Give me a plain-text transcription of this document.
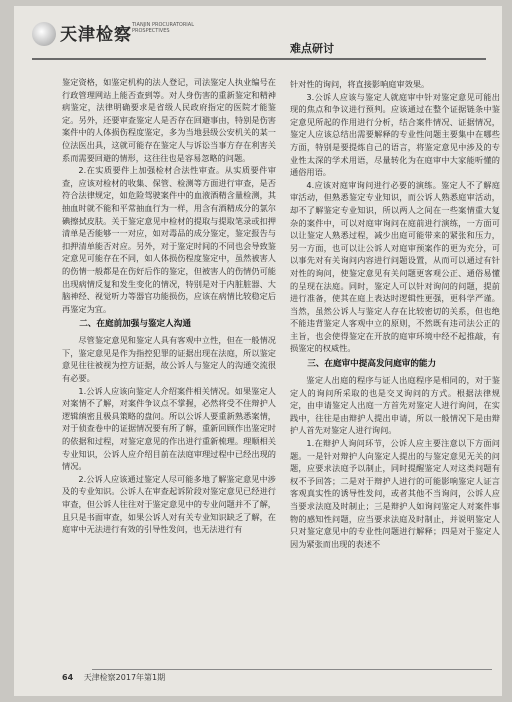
天津检察 TIANJIN PROCURATORIAL PROSPECTIVES
难点研讨

鉴定资格，如鉴定机构的法人登记，司法鉴定人执业编号在行政管理网站上能否查到等。对人身伤害的重新鉴定和精神病鉴定，法律明确要求是省级人民政府指定的医院才能鉴定。另外，还要审查鉴定人是否存在回避事由，特别是伤害案件中的人体损伤程度鉴定，多为当地县级公安机关的某一位法医出具，这就可能存在鉴定人与诉讼当事方存在利害关系而需要回避的情形，这往往也是容易忽略的问题。

2.在实质要件上加强检材合法性审查。从实质要件审查，应该对检材的收集、保管、检测等方面进行审查，是否符合法律规定，如危险驾驶案件中的血液酒精含量检测，其抽血时就不能和平常抽血行为一样，用含有酒精成分的氯尔碘擦拭皮肤。关于鉴定意见中检材的提取与提取笔录或扣押清单是否能够一一对应，如对毒品的成分鉴定，鉴定报告与扣押清单能否对应。另外，对于鉴定时间的不同也会导致鉴定意见可能存在不同，如人体损伤程度鉴定中，虽然被害人的伤情一般都是在伤好后作的鉴定，但被害人的伤情仍可能出现病情反复和发生变化的情况，特别是对于内脏脏器、大脑神经、视觉听力等器官功能损伤，应该在病情比较稳定后再鉴定为宜。

二、在庭前加强与鉴定人沟通

尽管鉴定意见和鉴定人具有客观中立性，但在一般情况下，鉴定意见是作为指控犯罪的证据出现在法庭，所以鉴定意见往往被视为控方证据，故公诉人与鉴定人的沟通交流很有必要。

1.公诉人应该向鉴定人介绍案件相关情况。如果鉴定人对案情不了解，对案件争议点不掌握，必然将受不住辩护人逻辑缜密且极具策略的盘问。所以公诉人要重新熟悉案情，对于侦查卷中的证据情况要有所了解，重新回顾作出鉴定时的依据和过程，对鉴定意见的作出进行重新梳理。理顺相关专业知识，公诉人应介绍目前在法庭审理过程中已经出现的情况。

2.公诉人应该通过鉴定人尽可能多地了解鉴定意见中涉及的专业知识。公诉人在审查起诉阶段对鉴定意见已经进行审查，但公诉人往往对于鉴定意见中的专业问题并不了解，且只是书面审查，如果公诉人对有关专业知识缺乏了解，在庭审中无法进行有效的引导性发问，也无法进行有

针对性的询问，将直接影响庭审效果。

3.公诉人应该与鉴定人就庭审中针对鉴定意见可能出现的焦点和争议进行预判。应该通过在整个证据链条中鉴定意见所起的作用进行分析，结合案件情况、证据情况，鉴定人应该总结出需要解释的专业性问题主要集中在哪些方面，特别是要提炼自己的语言，将鉴定意见中涉及的专业性太深的学术用语，尽量转化为在庭审中大家能听懂的通俗用语。

4.应该对庭审询问进行必要的演练。鉴定人不了解庭审活动，但熟悉鉴定专业知识，而公诉人熟悉庭审活动，却不了解鉴定专业知识，所以两人之间在一些案情重大复杂的案件中，可以对庭审询问在庭前进行演练，一方面可以让鉴定人熟悉过程，减少出庭可能带来的紧张和压力，另一方面，也可以让公诉人对庭审预案作的更为充分，可以事先对有关询问内容进行问题设置，从而可以通过有针对性的询问，使鉴定意见有关问题更客观公正、通俗易懂的呈现在法庭。同时，鉴定人可以针对询问的问题，提前进行准备，使其在庭上表达时逻辑性更强，更科学严谨。当然，虽然公诉人与鉴定人存在比较密切的关系，但也绝不能违背鉴定人客观中立的原则，不然既有违司法公正的主旨，也会使得鉴定在开放的庭审环境中经不起推敲，有损鉴定的权威性。

三、在庭审中提高发问庭审的能力

鉴定人出庭的程序与证人出庭程序是相同的，对于鉴定人的询问所采取的也是交叉询问的方式。根据法律规定，由申请鉴定人出庭一方首先对鉴定人进行询问，在实践中，往往是由辩护人提出申请，所以一般情况下是由辩护人首先对鉴定人进行询问。

1.在辩护人询问环节，公诉人应主要注意以下方面问题。一是针对辩护人向鉴定人提出的与鉴定意见无关的问题，应要求法庭予以制止，同时提醒鉴定人对这类问题有权不予回答；二是对于辩护人进行的可能影响鉴定人证言客观真实性的诱导性发问，或者其他不当询问，公诉人应当要求法庭及时制止；三是辩护人如询问鉴定人对案件事物的感知性问题，应当要求法庭及时制止，并说明鉴定人只对鉴定意见中的专业性问题进行解释；四是对于鉴定人因为紧张而出现的表述不

64 天津检察2017年第1期
